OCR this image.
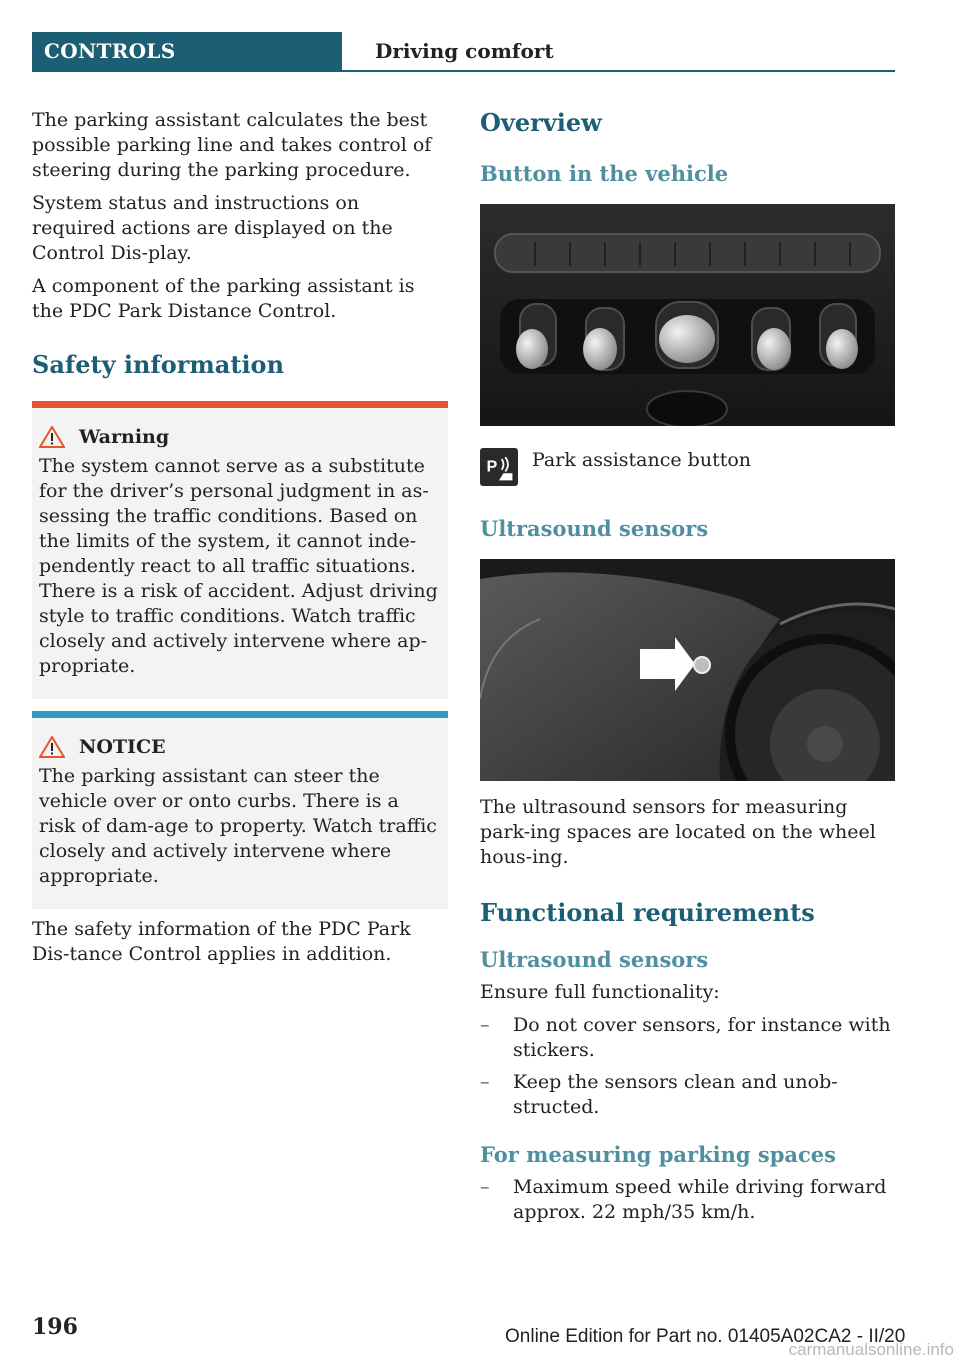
CONTROLS	Driving comfort

The parking assistant calculates the best possible parking line and takes control of steering during the parking procedure.

System status and instructions on required actions are displayed on the Control Dis-play.

A component of the parking assistant is the PDC Park Distance Control.

Safety information
Warning

The system cannot serve as a substitute for the driver’s personal judgment in as-sessing the traffic conditions. Based on the limits of the system, it cannot inde-pendently react to all traffic situations. There is a risk of accident. Adjust driving style to traffic conditions. Watch traffic closely and actively intervene where ap-propriate.

NOTICE

The parking assistant can steer the vehicle over or onto curbs. There is a risk of dam-age to property. Watch traffic closely and actively intervene where appropriate.

The safety information of the PDC Park Dis-tance Control applies in addition.

Overview
Button in the vehicle
P Park assistance button

Ultrasound sensors

The ultrasound sensors for measuring park-ing spaces are located on the wheel hous-ing.

Functional requirements
Ultrasound sensors

Ensure full functionality:

– Do not cover sensors, for instance with stickers.
– Keep the sensors clean and unob-structed.
For measuring parking spaces
– Maximum speed while driving forward approx. 22 mph/35 km/h.
196	Online Edition for Part no. 01405A02CA2 - II/20
carmanualsonline.info
